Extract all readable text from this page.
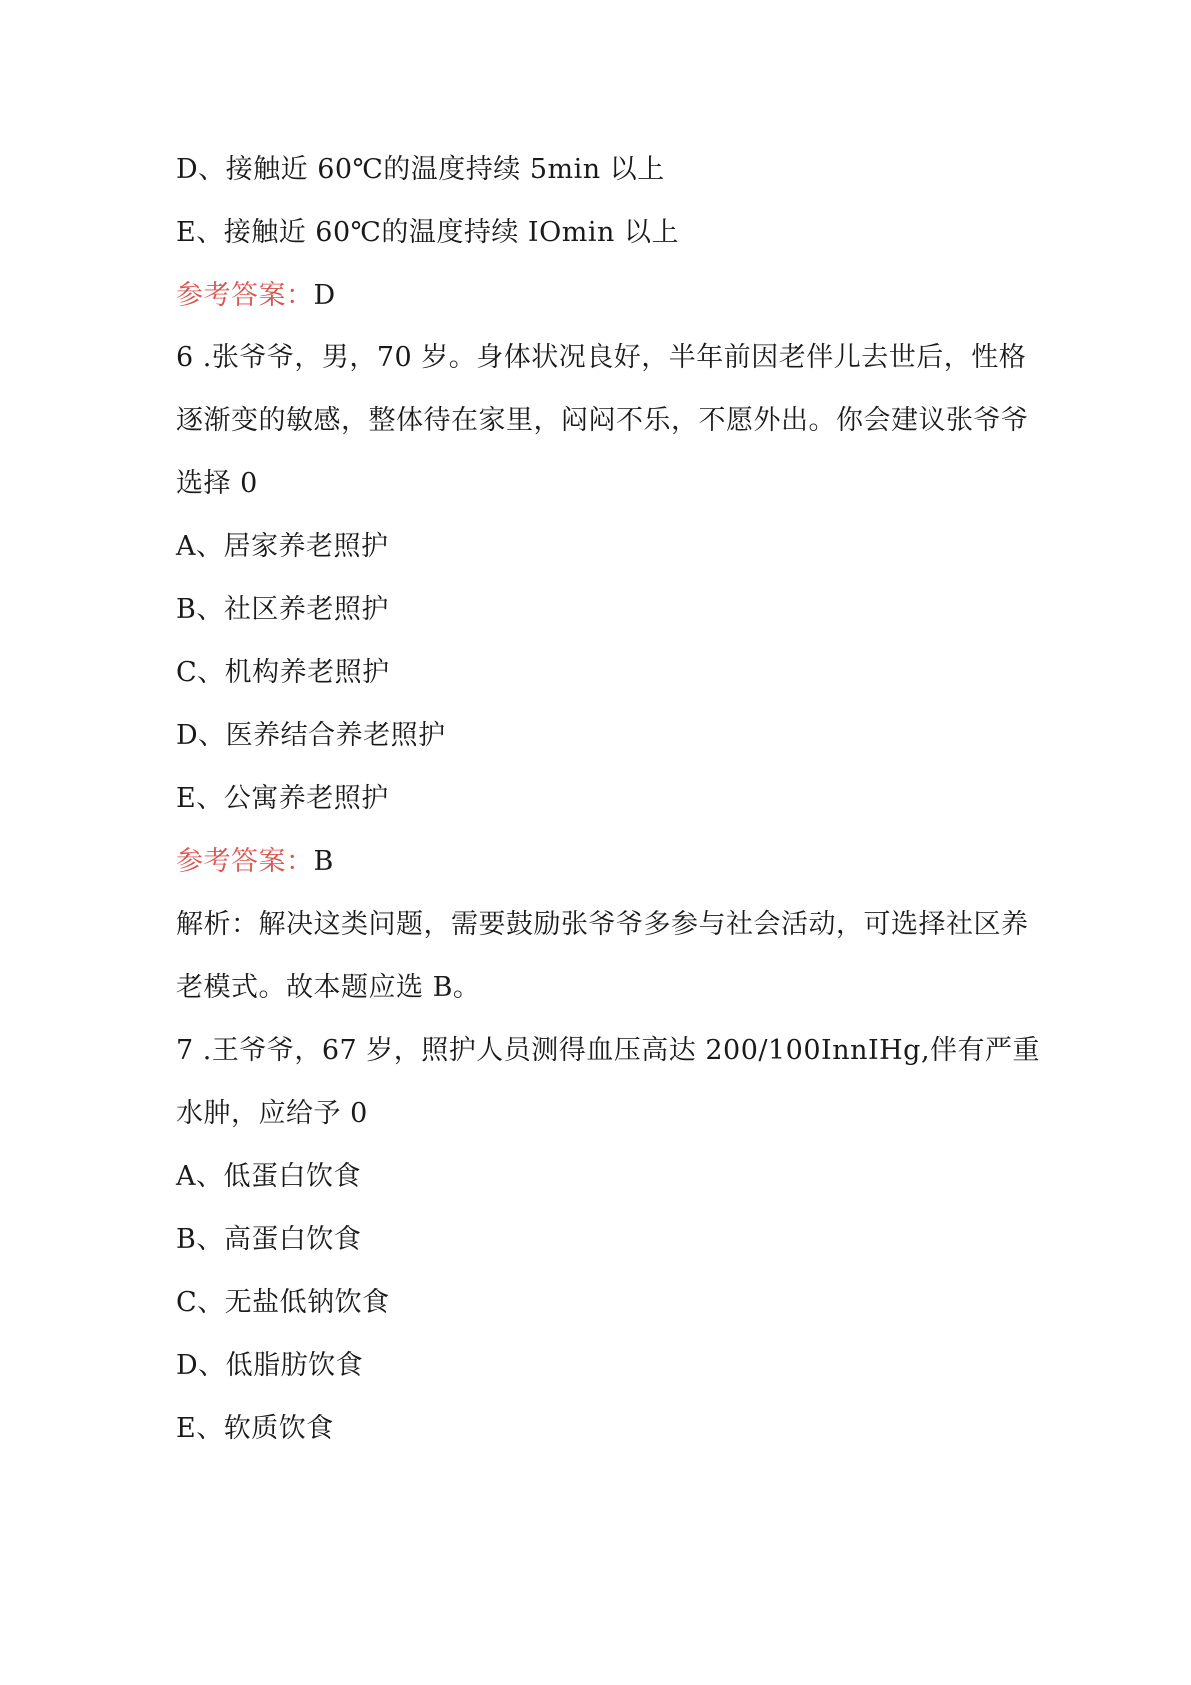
D、接触近 60℃的温度持续 5min 以上
E、接触近 60℃的温度持续 IOmin 以上
参考答案：D
6 .张爷爷，男，70 岁。身体状况良好，半年前因老伴儿去世后，性格
逐渐变的敏感，整体待在家里，闷闷不乐，不愿外出。你会建议张爷爷
选择 0
A、居家养老照护
B、社区养老照护
C、机构养老照护
D、医养结合养老照护
E、公寓养老照护
参考答案：B
解析：解决这类问题，需要鼓励张爷爷多参与社会活动，可选择社区养
老模式。故本题应选 B。
7 .王爷爷，67 岁，照护人员测得血压高达 200/100InnIHg,伴有严重
水肿，应给予 0
A、低蛋白饮食
B、高蛋白饮食
C、无盐低钠饮食
D、低脂肪饮食
E、软质饮食
